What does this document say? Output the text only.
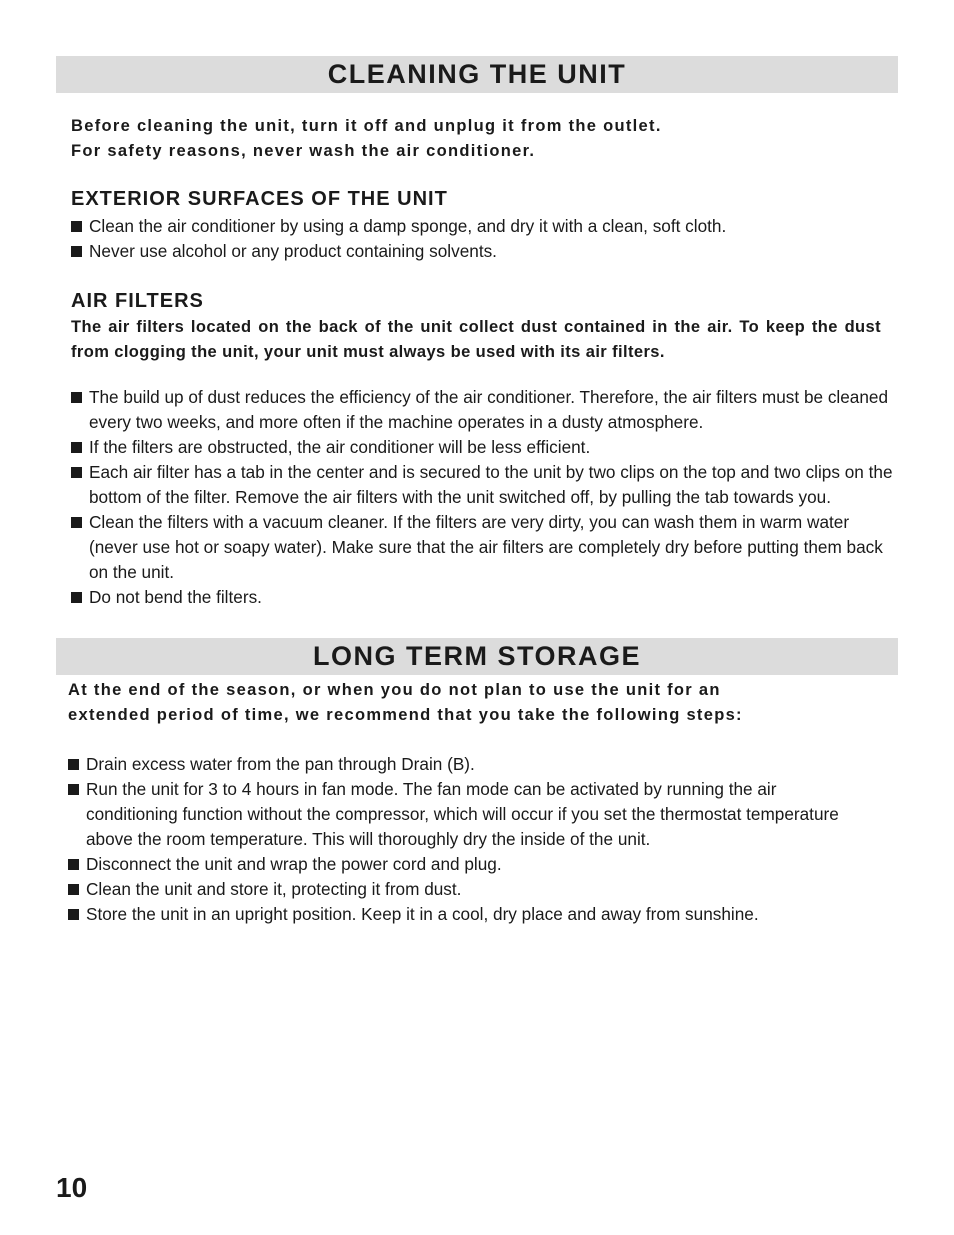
CLEANING THE UNIT

Before cleaning the unit, turn it off and unplug it from the outlet.
For safety reasons, never wash the air conditioner.

EXTERIOR SURFACES OF THE UNIT
Clean the air conditioner by using a damp sponge, and dry it with a clean, soft cloth.
Never use alcohol or any product containing solvents.
AIR FILTERS

The air filters located on the back of the unit collect dust contained in the air. To keep the dust from clogging the unit, your unit must always be used with its air filters.

The build up of dust reduces the efficiency of the air conditioner. Therefore, the air filters must be cleaned every two weeks, and more often if the machine operates in a dusty atmosphere.
If the filters are obstructed, the air conditioner will be less efficient.
Each air filter has a tab in the center and is secured to the unit by two clips on the top and two clips on the bottom of the filter. Remove the air filters with the unit switched off, by pulling the tab towards you.
Clean the filters with a vacuum cleaner. If the filters are very dirty, you can wash them in warm water (never use hot or soapy water). Make sure that the air filters are completely dry before putting them back on the unit.
Do not bend the filters.
LONG TERM STORAGE

At the end of the season, or when you do not plan to use the unit for an
extended period of time, we recommend that you take the following steps:

Drain excess water from the pan through Drain (B).
Run the unit for 3 to 4 hours in fan mode. The fan mode can be activated by running the air conditioning function without the compressor, which will occur if you set the thermostat temperature above the room temperature. This will thoroughly dry the inside of the unit.
Disconnect the unit and wrap the power cord and plug.
Clean the unit and store it, protecting it from dust.
Store the unit in an upright position. Keep it in a cool, dry place and away from sunshine.
10
